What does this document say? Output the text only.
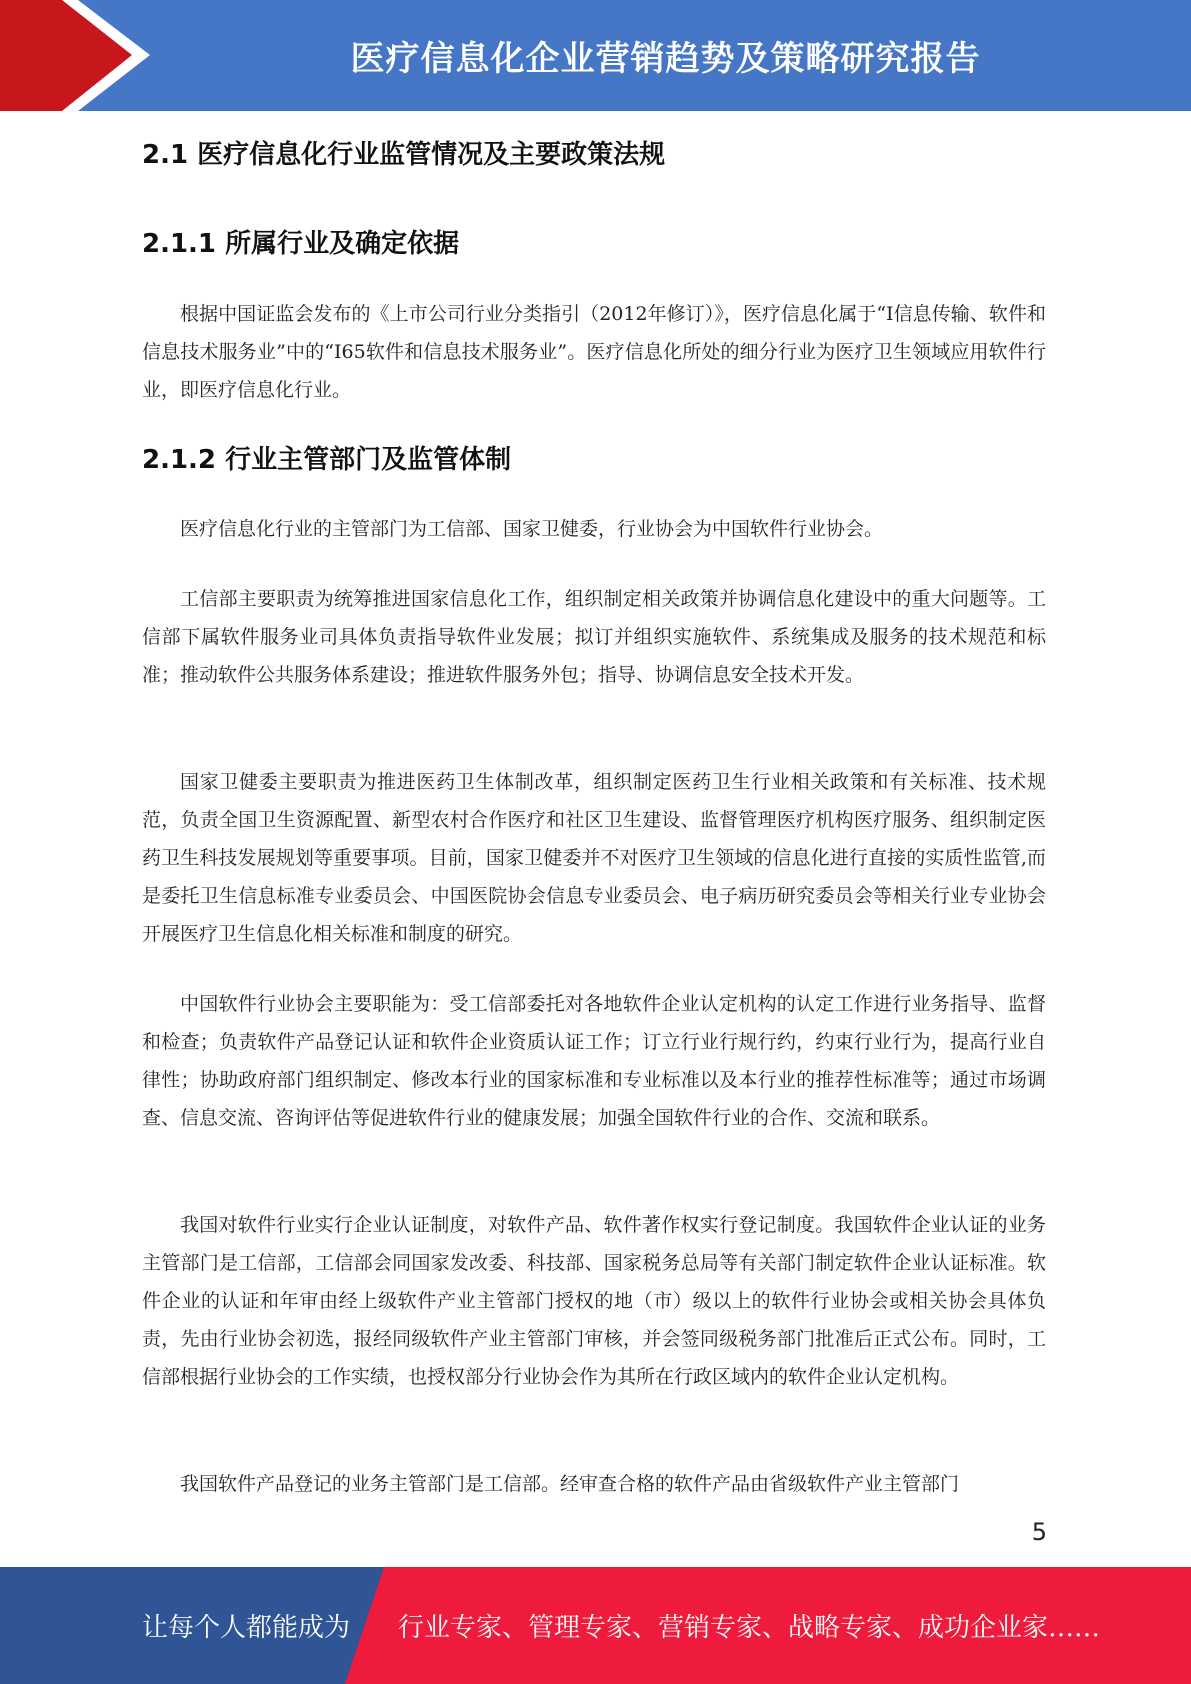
医疗信息化企业营销趋势及策略研究报告
2.1 医疗信息化行业监管情况及主要政策法规
2.1.1 所属行业及确定依据

根据中国证监会发布的《上市公司行业分类指引（2012年修订）》，医疗信息化属于“I信息传输、软件和信息技术服务业”中的“I65软件和信息技术服务业”。医疗信息化所处的细分行业为医疗卫生领域应用软件行业，即医疗信息化行业。

2.1.2 行业主管部门及监管体制

医疗信息化行业的主管部门为工信部、国家卫健委，行业协会为中国软件行业协会。

工信部主要职责为统筹推进国家信息化工作，组织制定相关政策并协调信息化建设中的重大问题等。工信部下属软件服务业司具体负责指导软件业发展；拟订并组织实施软件、系统集成及服务的技术规范和标准；推动软件公共服务体系建设；推进软件服务外包；指导、协调信息安全技术开发。

国家卫健委主要职责为推进医药卫生体制改革，组织制定医药卫生行业相关政策和有关标准、技术规范，负责全国卫生资源配置、新型农村合作医疗和社区卫生建设、监督管理医疗机构医疗服务、组织制定医药卫生科技发展规划等重要事项。目前，国家卫健委并不对医疗卫生领域的信息化进行直接的实质性监管,而是委托卫生信息标准专业委员会、中国医院协会信息专业委员会、电子病历研究委员会等相关行业专业协会开展医疗卫生信息化相关标准和制度的研究。

中国软件行业协会主要职能为：受工信部委托对各地软件企业认定机构的认定工作进行业务指导、监督和检查；负责软件产品登记认证和软件企业资质认证工作；订立行业行规行约，约束行业行为，提高行业自律性；协助政府部门组织制定、修改本行业的国家标准和专业标准以及本行业的推荐性标准等；通过市场调查、信息交流、咨询评估等促进软件行业的健康发展；加强全国软件行业的合作、交流和联系。

我国对软件行业实行企业认证制度，对软件产品、软件著作权实行登记制度。我国软件企业认证的业务主管部门是工信部，工信部会同国家发改委、科技部、国家税务总局等有关部门制定软件企业认证标准。软件企业的认证和年审由经上级软件产业主管部门授权的地（市）级以上的软件行业协会或相关协会具体负责，先由行业协会初选，报经同级软件产业主管部门审核，并会签同级税务部门批准后正式公布。同时，工信部根据行业协会的工作实绩，也授权部分行业协会作为其所在行政区域内的软件企业认定机构。

我国软件产品登记的业务主管部门是工信部。经审查合格的软件产品由省级软件产业主管部门

5
让每个人都能成为 行业专家、管理专家、营销专家、战略专家、成功企业家……
